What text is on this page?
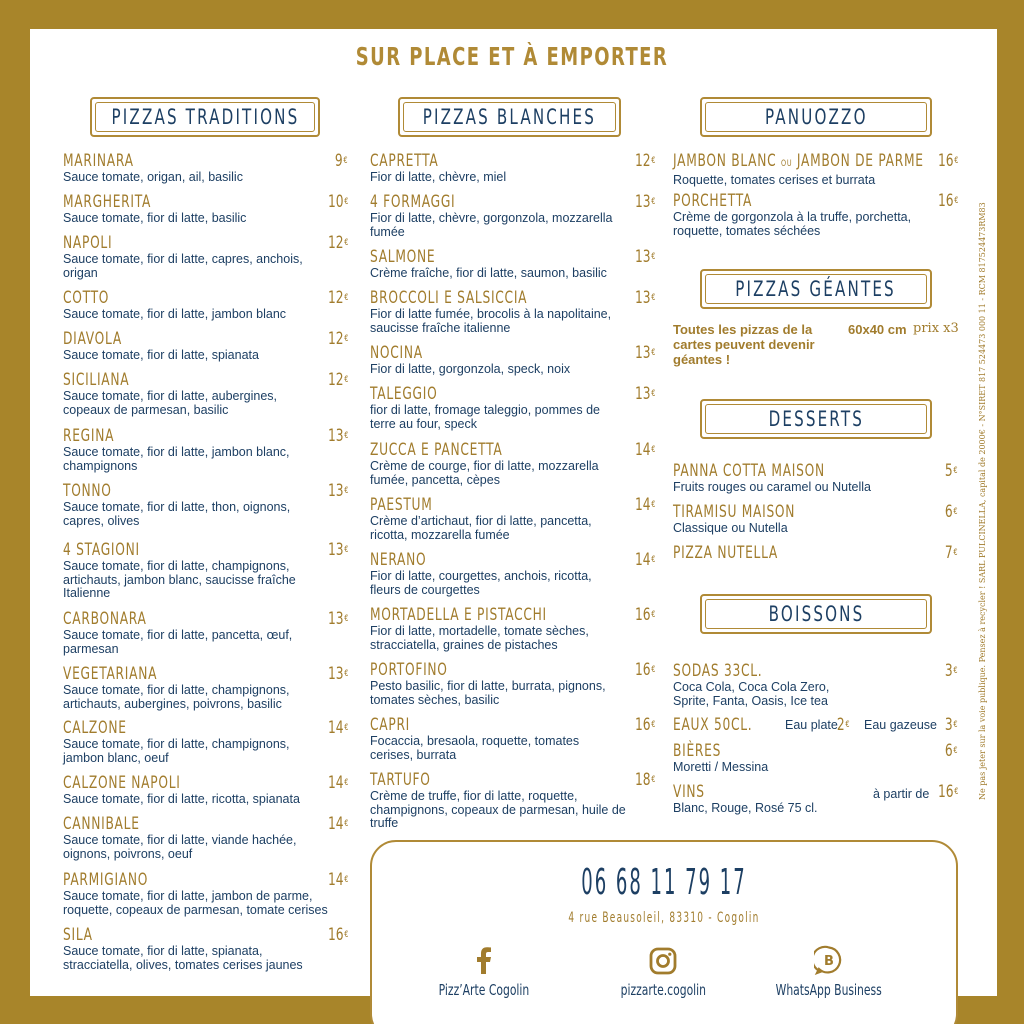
SUR PLACE ET À EMPORTER
PIZZAS TRADITIONS	PIZZAS BLANCHES	PANUOZZO
PIZZAS GÉANTES
DESSERTS
BOISSONS
MARINARA	9€
Sauce tomate, origan, ail, basilic
MARGHERITA	10€
Sauce tomate, fior di latte, basilic
NAPOLI	12€
Sauce tomate, fior di latte, capres, anchois, origan
COTTO	12€
Sauce tomate, fior di latte, jambon blanc
DIAVOLA	12€
Sauce tomate, fior di latte, spianata
SICILIANA	12€
Sauce tomate, fior di latte, aubergines, copeaux de parmesan, basilic
REGINA	13€
Sauce tomate, fior di latte, jambon blanc, champignons
TONNO	13€
Sauce tomate, fior di latte, thon, oignons, capres, olives
4 STAGIONI	13€
Sauce tomate, fior di latte, champignons, artichauts, jambon blanc, saucisse fraîche Italienne
CARBONARA	13€
Sauce tomate, fior di latte, pancetta, œuf, parmesan
VEGETARIANA	13€
Sauce tomate, fior di latte, champignons, artichauts, aubergines, poivrons, basilic
CALZONE	14€
Sauce tomate, fior di latte, champignons, jambon blanc, oeuf
CALZONE NAPOLI	14€
Sauce tomate, fior di latte, ricotta, spianata
CANNIBALE	14€
Sauce tomate, fior di latte, viande hachée, oignons, poivrons, oeuf
PARMIGIANO	14€
Sauce tomate, fior di latte, jambon de parme, roquette, copeaux de parmesan, tomate cerises
SILA	16€
Sauce tomate, fior di latte, spianata, stracciatella, olives, tomates cerises jaunes
CAPRETTA	12€
Fior di latte, chèvre, miel
4 FORMAGGI	13€
Fior di latte, chèvre, gorgonzola, mozzarella fumée
SALMONE	13€
Crème fraîche, fior di latte, saumon, basilic
BROCCOLI E SALSICCIA	13€
Fior di latte fumée, brocolis à la napolitaine, saucisse fraîche italienne
NOCINA	13€
Fior di latte, gorgonzola, speck, noix
TALEGGIO	13€
fior di latte, fromage taleggio, pommes de terre au four, speck
ZUCCA E PANCETTA	14€
Crème de courge, fior di latte, mozzarella fumée, pancetta, cèpes
PAESTUM	14€
Crème d’artichaut, fior di latte, pancetta, ricotta, mozzarella fumée
NERANO	14€
Fior di latte, courgettes, anchois, ricotta, fleurs de courgettes
MORTADELLA E PISTACCHI	16€
Fior di latte, mortadelle, tomate sèches, stracciatella, graines de pistaches
PORTOFINO	16€
Pesto basilic, fior di latte, burrata, pignons, tomates sèches, basilic
CAPRI	16€
Focaccia, bresaola, roquette, tomates cerises, burrata
TARTUFO	18€
Crème de truffe, fior di latte, roquette, champignons, copeaux de parmesan, huile de truffe
JAMBON BLANC OU JAMBON DE PARME 16€
Roquette, tomates cerises et burrata
PORCHETTA	16€
Crème de gorgonzola à la truffe, porchetta, roquette, tomates séchées
Toutes les pizzas de la cartes peuvent devenir géantes !
60x40 cm prix x3
PANNA COTTA MAISON	5€
Fruits rouges ou caramel ou Nutella
TIRAMISU MAISON	6€
Classique ou Nutella
PIZZA NUTELLA	7€
SODAS 33CL.	3€
Coca Cola, Coca Cola Zero, Sprite, Fanta, Oasis, Ice tea
EAUX 50CL.	Eau plate 2€ Eau gazeuse 3€
BIÈRES	6€
Moretti / Messina
VINS	à partir de 16€
Blanc, Rouge, Rosé 75 cl.
Ne pas jeter sur la voie publique. Pensez à recycler ! SARL PULCINELLA, capital de 2000€ - N°SIRET 817 524473 000 11 - RCM 817524473RM83
06 68 11 79 17
4 rue Beausoleil, 83310 - Cogolin
Pizz’Arte Cogolin	pizzarte.cogolin
B
WhatsApp Business
